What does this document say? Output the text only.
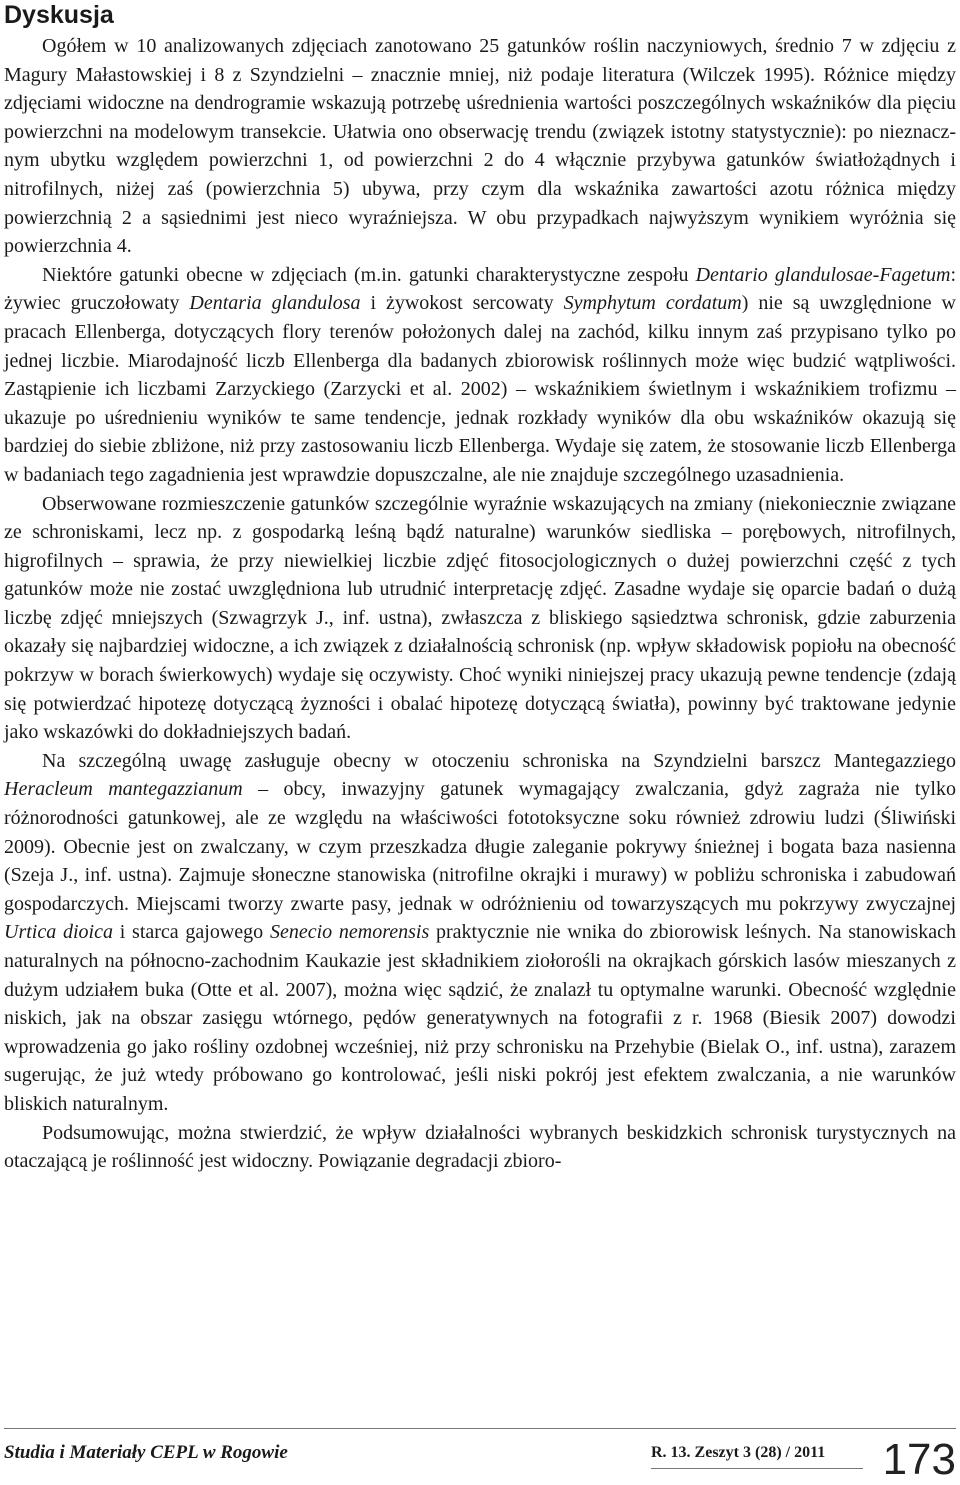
Dyskusja

Ogółem w 10 analizowanych zdjęciach zanotowano 25 gatunków roślin naczyniowych, średnio 7 w zdjęciu z Magury Małastowskiej i 8 z Szyndzielni – znacznie mniej, niż podaje literatura (Wilczek 1995). Różnice między zdjęciami widoczne na dendrogramie wskazują potrzebę uśrednienia wartości poszczególnych wskaźników dla pięciu powierzchni na modelowym transekcie. Ułatwia ono obserwację trendu (związek istotny statystycznie): po nieznacznym ubytku względem powierzchni 1, od powierzchni 2 do 4 włącznie przybywa gatunków światłożądnych i nitrofilnych, niżej zaś (powierzchnia 5) ubywa, przy czym dla wskaźnika zawartości azotu różnica między powierzchnią 2 a sąsiednimi jest nieco wyraźniejsza. W obu przypadkach najwyższym wynikiem wyróżnia się powierzchnia 4.

Niektóre gatunki obecne w zdjęciach (m.in. gatunki charakterystyczne zespołu Dentario glandulosae-Fagetum: żywiec gruczołowaty Dentaria glandulosa i żywokost sercowaty Symphytum cordatum) nie są uwzględnione w pracach Ellenberga, dotyczących flory terenów położonych dalej na zachód, kilku innym zaś przypisano tylko po jednej liczbie. Miarodajność liczb Ellenberga dla badanych zbiorowisk roślinnych może więc budzić wątpliwości. Zastąpienie ich liczbami Zarzyckiego (Zarzycki et al. 2002) – wskaźnikiem świetlnym i wskaźnikiem trofizmu – ukazuje po uśrednieniu wyników te same tendencje, jednak rozkłady wyników dla obu wskaźników okazują się bardziej do siebie zbliżone, niż przy zastosowaniu liczb Ellenberga. Wydaje się zatem, że stosowanie liczb Ellenberga w badaniach tego zagadnienia jest wprawdzie dopuszczalne, ale nie znajduje szczególnego uzasadnienia.

Obserwowane rozmieszczenie gatunków szczególnie wyraźnie wskazujących na zmiany (niekoniecznie związane ze schroniskami, lecz np. z gospodarką leśną bądź naturalne) warunków siedliska – porębowych, nitrofilnych, higrofilnych – sprawia, że przy niewielkiej liczbie zdjęć fitosocjologicznych o dużej powierzchni część z tych gatunków może nie zostać uwzględniona lub utrudnić interpretację zdjęć. Zasadne wydaje się oparcie badań o dużą liczbę zdjęć mniejszych (Szwagrzyk J., inf. ustna), zwłaszcza z bliskiego sąsiedztwa schronisk, gdzie zaburzenia okazały się najbardziej widoczne, a ich związek z działalnością schronisk (np. wpływ składowisk popiołu na obecność pokrzyw w borach świerkowych) wydaje się oczywisty. Choć wyniki niniejszej pracy ukazują pewne tendencje (zdają się potwierdzać hipotezę dotyczącą żyzności i obalać hipotezę dotyczącą światła), powinny być traktowane jedynie jako wskazówki do dokładniejszych badań.

Na szczególną uwagę zasługuje obecny w otoczeniu schroniska na Szyndzielni barszcz Mantegazziego Heracleum mantegazzianum – obcy, inwazyjny gatunek wymagający zwalczania, gdyż zagraża nie tylko różnorodności gatunkowej, ale ze względu na właściwości fototoksyczne soku również zdrowiu ludzi (Śliwiński 2009). Obecnie jest on zwalczany, w czym przeszkadza długie zaleganie pokrywy śnieżnej i bogata baza nasienna (Szeja J., inf. ustna). Zajmuje słoneczne stanowiska (nitrofilne okrajki i murawy) w pobliżu schroniska i zabudowań gospodarczych. Miejscami tworzy zwarte pasy, jednak w odróżnieniu od towarzyszących mu pokrzywy zwyczajnej Urtica dioica i starca gajowego Senecio nemorensis praktycznie nie wnika do zbiorowisk leśnych. Na stanowiskach naturalnych na północno-zachodnim Kaukazie jest składnikiem ziołorośli na okrajkach górskich lasów mieszanych z dużym udziałem buka (Otte et al. 2007), można więc sądzić, że znalazł tu optymalne warunki. Obecność względnie niskich, jak na obszar zasięgu wtórnego, pędów generatywnych na fotografii z r. 1968 (Biesik 2007) dowodzi wprowadzenia go jako rośliny ozdobnej wcześniej, niż przy schronisku na Przehybie (Bielak O., inf. ustna), zarazem sugerując, że już wtedy próbowano go kontrolować, jeśli niski pokrój jest efektem zwalczania, a nie warunków bliskich naturalnym.

Podsumowując, można stwierdzić, że wpływ działalności wybranych beskidzkich schronisk turystycznych na otaczającą je roślinność jest widoczny. Powiązanie degradacji zbioro-

Studia i Materiały CEPL w Rogowie	R. 13. Zeszyt 3 (28) / 2011 173
